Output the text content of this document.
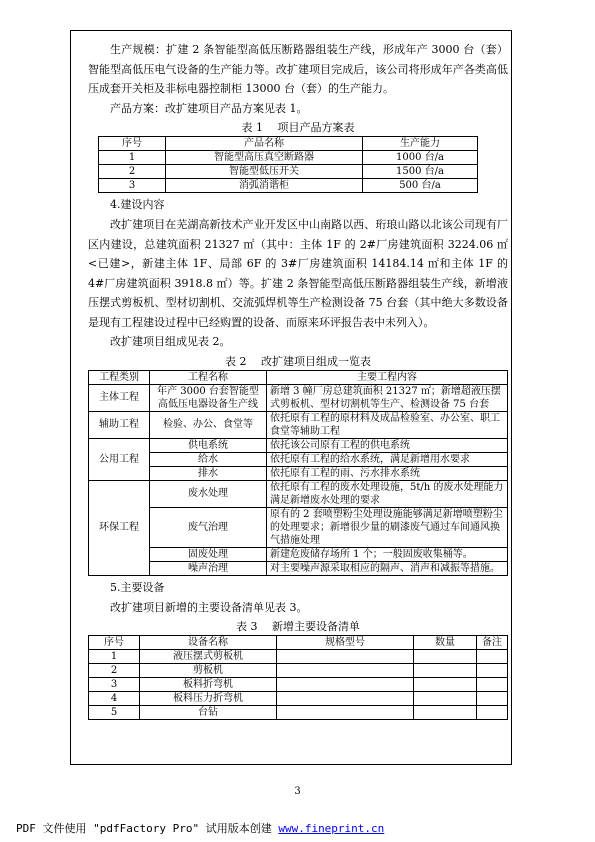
生产规模：扩建 2 条智能型高低压断路器组装生产线，形成年产 3000 台（套）智能型高低压电气设备的生产能力等。改扩建项目完成后，该公司将形成年产各类高低压成套开关柜及非标电器控制柜 13000 台（套）的生产能力。

产品方案：改扩建项目产品方案见表 1。

表 1　 项目产品方案表
序号	产品名称	生产能力
1	智能型高压真空断路器	1000 台/a
2	智能型低压开关	1500 台/a
3	消弧消谐柜	500 台/a

4.建设内容

改扩建项目在芜湖高新技术产业开发区中山南路以西、珩琅山路以北该公司现有厂区内建设，总建筑面积 21327 ㎡（其中：主体 1F 的 2#厂房建筑面积 3224.06 ㎡<已建>，新建主体 1F、局部 6F 的 3#厂房建筑面积 14184.14 ㎡和主体 1F 的 4#厂房建筑面积 3918.8 ㎡）等。扩建 2 条智能型高低压断路器组装生产线，新增液压摆式剪板机、型材切割机、交流弧焊机等生产检测设备 75 台套（其中绝大多数设备是现有工程建设过程中已经购置的设备、而原来环评报告表中未列入）。

改扩建项目组成见表 2。

表 2　 改扩建项目组成一览表
工程类别	工程名称	主要工程内容
主体工程	年产 3000 台套智能型高低压电器设备生产线	新增 3 幢厂房总建筑面积 21327 ㎡；新增超液压摆式剪板机、型材切割机等生产、检测设备 75 台套
辅助工程	检验、办公、食堂等	依托原有工程的原材料及成品检验室、办公室、职工食堂等辅助工程
公用工程	供电系统	依托该公司原有工程的供电系统
	给水	依托原有工程的给水系统，满足新增用水要求
	排水	依托原有工程的雨、污水排水系统
环保工程	废水处理	依托原有工程的废水处理设施，5t/h 的废水处理能力满足新增废水处理的要求
	废气治理	原有的 2 套喷塑粉尘处理设施能够满足新增喷塑粉尘的处理要求；新增很少量的刷漆废气通过车间通风换气措施处理
	固废处理	新建危废储存场所 1 个；一般固废收集桶等。
	噪声治理	对主要噪声源采取相应的隔声、消声和减振等措施。

5.主要设备

改扩建项目新增的主要设备清单见表 3。

表 3　 新增主要设备清单
序号	设备名称	规格型号	数量	备注
1	液压摆式剪板机			
2	剪板机			
3	板料折弯机			
4	板料压力折弯机			
5	台钻			
3
PDF 文件使用 "pdfFactory Pro" 试用版本创建 www.fineprint.cn
